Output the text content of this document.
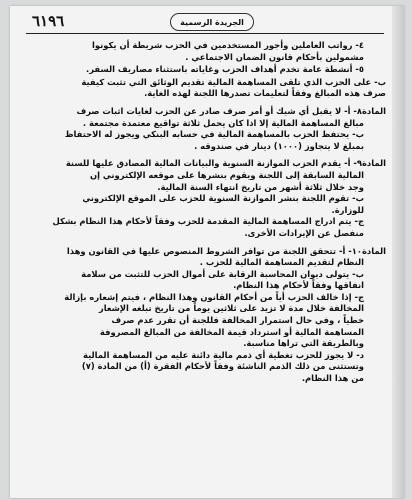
٦١٩٦	الجريدة الرسمية
٤- رواتب العاملين وأجور المستخدمين في الحزب شريطة أن يكونوا
مشمولين بأحكام قانون الضمان الاجتماعي .
٥- أنشطة عامة تخدم أهداف الحزب وغاياته باستثناء مصاريف السفر.
ب- على الحزب الذي تلقى المساهمة المالية تقديم الوثائق التي تثبت كيفية
صرف هذه المبالغ وفقاً لتعليمات تصدرها اللجنة لهذه الغاية.
المادة٨- أ- لا يقبل أي شيك أو أمر صرف صادر عن الحزب لغايات اثبات صرف
مبالغ المساهمة المالية إلا اذا كان يحمل ثلاثة تواقيع معتمدة مجتمعة .
ب- يحتفظ الحزب بالمساهمة المالية في حسابه البنكي ويجوز له الاحتفاظ
بمبلغ لا يتجاوز (١٠٠٠) دينار في صندوقه .
المادة٩- أ- يقدم الحزب الموازنة السنوية والبيانات المالية المصادق عليها للسنة
المالية السابقة إلى اللجنة ويقوم بنشرها على موقعه الإلكتروني إن
وجد خلال ثلاثة أشهر من تاريخ انتهاء السنة المالية.
ب- تقوم اللجنة بنشر الموازنة السنوية للحزب على الموقع الإلكتروني
للوزارة.
ج- يتم ادراج المساهمة المالية المقدمة للحزب وفقاً لأحكام هذا النظام بشكل
منفصل عن الإيرادات الأخرى.
المادة١٠- أ- تتحقق اللجنة من توافر الشروط المنصوص عليها في القانون وهذا
النظام لتقديم المساهمة المالية للحزب .
ب- يتولى ديوان المحاسبة الرقابة على أموال الحزب للتثبت من سلامة
انفاقها وفقاً لأحكام هذا النظام.
ج- إذا خالف الحزب أياً من أحكام القانون وهذا النظام ، فيتم إشعاره بإزالة
المخالفة خلال مدة لا تزيد على ثلاثين يوماً من تاريخ تبلغه الإشعار
خطياً ، وفي حال استمرار المخالفة فللجنة أن تقرر عدم صرف
المساهمة المالية أو استرداد قيمة المخالفة من المبالغ المصروفة
وبالطريقة التي تراها مناسبة.
د- لا يجوز للحزب تغطية أي ذمم مالية دائنة عليه من المساهمة المالية
وتستثنى من ذلك الذمم الناشئة وفقاً لأحكام الفقرة (أ) من المادة (٧)
من هذا النظام.
